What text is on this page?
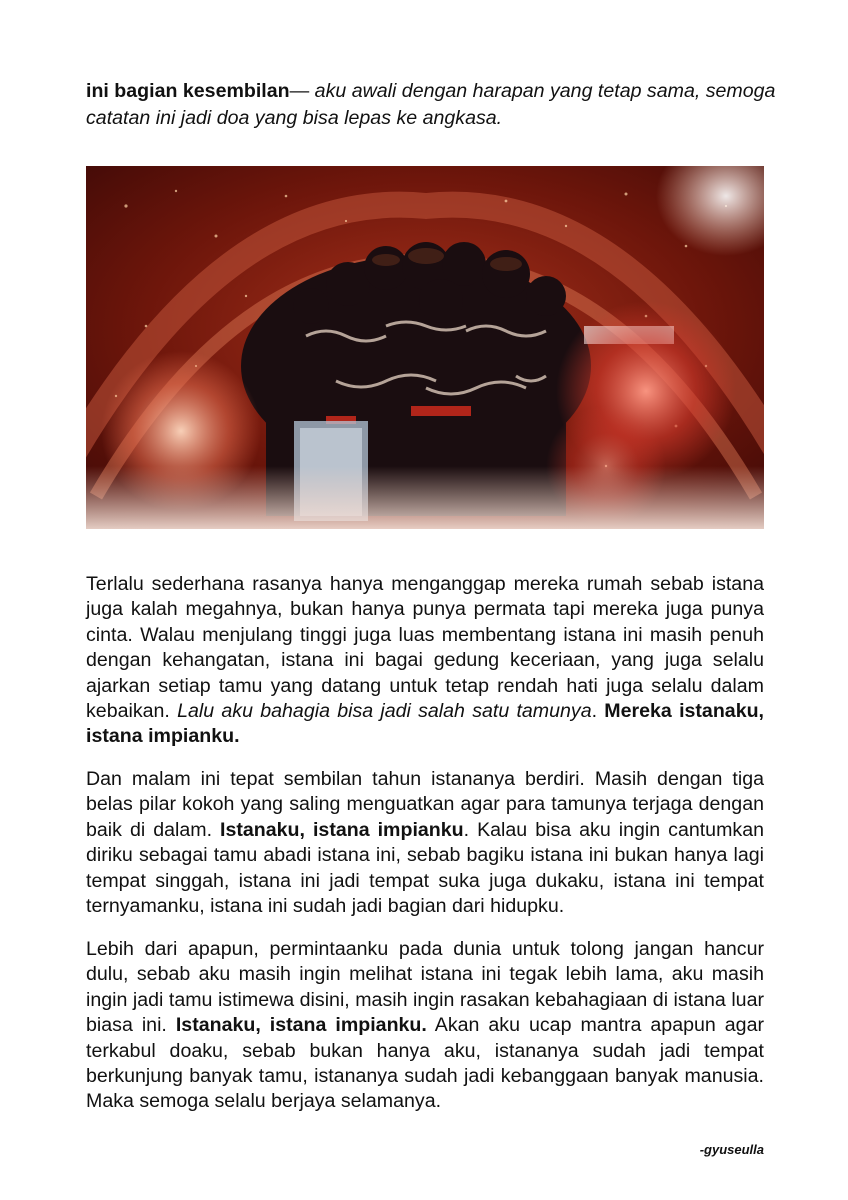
ini bagian kesembilan— aku awali dengan harapan yang tetap sama, semoga catatan ini jadi doa yang bisa lepas ke angkasa.

Terlalu sederhana rasanya hanya menganggap mereka rumah sebab istana juga kalah megahnya, bukan hanya punya permata tapi mereka juga punya cinta. Walau menjulang tinggi juga luas membentang istana ini masih penuh dengan kehangatan, istana ini bagai gedung keceriaan, yang juga selalu ajarkan setiap tamu yang datang untuk tetap rendah hati juga selalu dalam kebaikan. Lalu aku bahagia bisa jadi salah satu tamunya. Mereka istanaku, istana impianku.

Dan malam ini tepat sembilan tahun istananya berdiri. Masih dengan tiga belas pilar kokoh yang saling menguatkan agar para tamunya terjaga dengan baik di dalam. Istanaku, istana impianku. Kalau bisa aku ingin cantumkan diriku sebagai tamu abadi istana ini, sebab bagiku istana ini bukan hanya lagi tempat singgah, istana ini jadi tempat suka juga dukaku, istana ini tempat ternyamanku, istana ini sudah jadi bagian dari hidupku.

Lebih dari apapun, permintaanku pada dunia untuk tolong jangan hancur dulu, sebab aku masih ingin melihat istana ini tegak lebih lama, aku masih ingin jadi tamu istimewa disini, masih ingin rasakan kebahagiaan di istana luar biasa ini. Istanaku, istana impianku. Akan aku ucap mantra apapun agar terkabul doaku, sebab bukan hanya aku, istananya sudah jadi tempat berkunjung banyak tamu, istananya sudah jadi kebanggaan banyak manusia. Maka semoga selalu berjaya selamanya.

-gyuseulla
